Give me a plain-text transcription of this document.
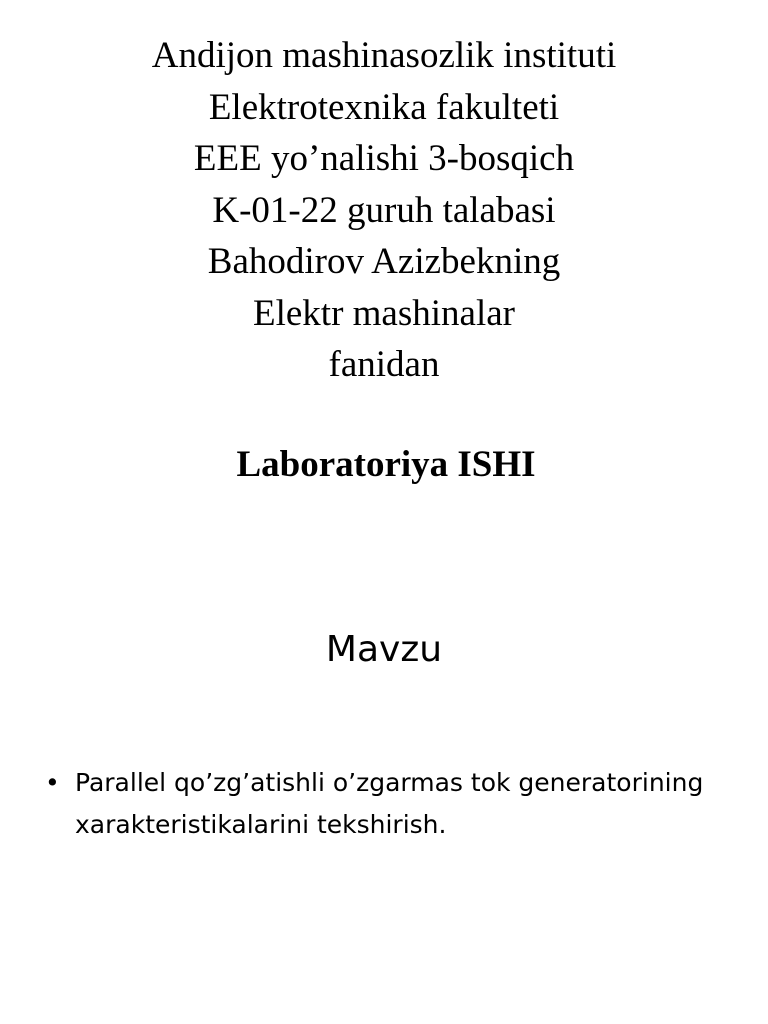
Andijon mashinasozlik instituti
Elektrotexnika fakulteti
EEE yo’nalishi 3-bosqich
K-01-22 guruh talabasi
Bahodirov Azizbekning
Elektr mashinalar
fanidan
Laboratoriya ISHI
Mavzu
• Parallel qo’zg’atishli o’zgarmas tok generatorining xarakteristikalarini tekshirish.
